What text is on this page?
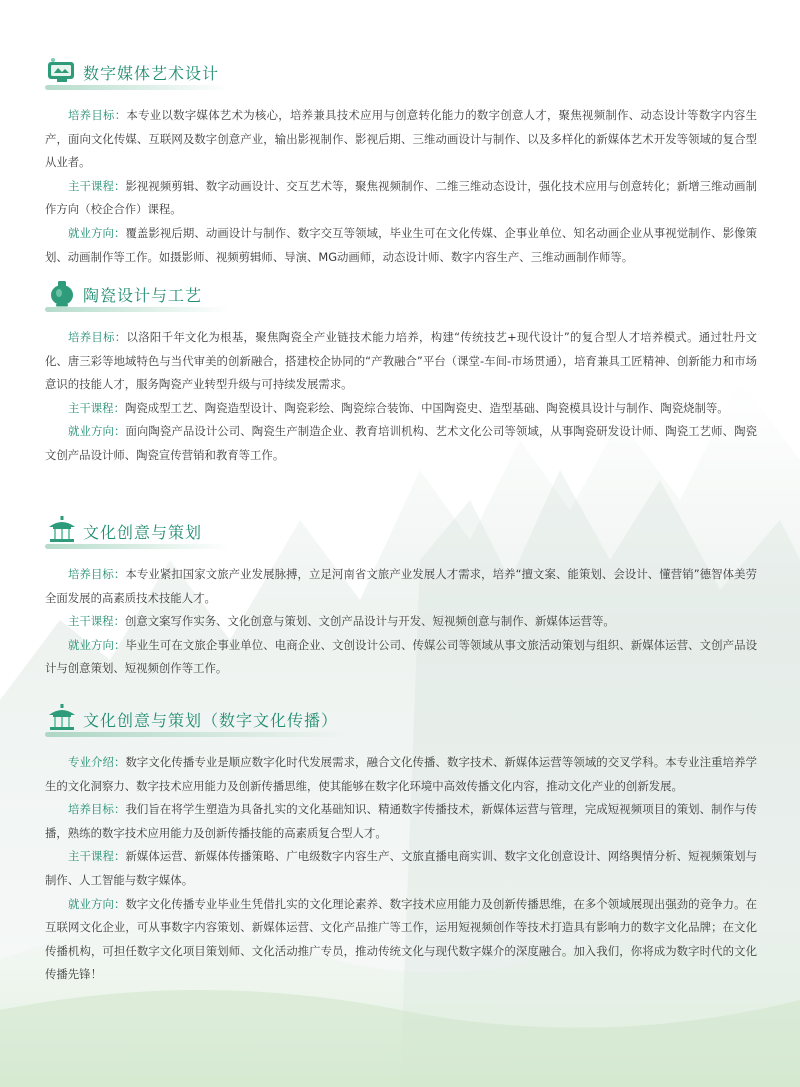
数字媒体艺术设计

培养目标：本专业以数字媒体艺术为核心，培养兼具技术应用与创意转化能力的数字创意人才，聚焦视频制作、动态设计等数字内容生产，面向文化传媒、互联网及数字创意产业，输出影视制作、影视后期、三维动画设计与制作、以及多样化的新媒体艺术开发等领域的复合型从业者。

主干课程：影视视频剪辑、数字动画设计、交互艺术等，聚焦视频制作、二维三维动态设计，强化技术应用与创意转化；新增三维动画制作方向（校企合作）课程。

就业方向：覆盖影视后期、动画设计与制作、数字交互等领域，毕业生可在文化传媒、企事业单位、知名动画企业从事视觉制作、影像策划、动画制作等工作。如摄影师、视频剪辑师、导演、MG动画师，动态设计师、数字内容生产、三维动画制作师等。

陶瓷设计与工艺

培养目标：以洛阳千年文化为根基，聚焦陶瓷全产业链技术能力培养，构建“传统技艺+现代设计”的复合型人才培养模式。通过牡丹文化、唐三彩等地域特色与当代审美的创新融合，搭建校企协同的“产教融合”平台（课堂-车间-市场贯通），培育兼具工匠精神、创新能力和市场意识的技能人才，服务陶瓷产业转型升级与可持续发展需求。

主干课程：陶瓷成型工艺、陶瓷造型设计、陶瓷彩绘、陶瓷综合装饰、中国陶瓷史、造型基础、陶瓷模具设计与制作、陶瓷烧制等。

就业方向：面向陶瓷产品设计公司、陶瓷生产制造企业、教育培训机构、艺术文化公司等领域，从事陶瓷研发设计师、陶瓷工艺师、陶瓷文创产品设计师、陶瓷宣传营销和教育等工作。

文化创意与策划

培养目标：本专业紧扣国家文旅产业发展脉搏，立足河南省文旅产业发展人才需求，培养“擅文案、能策划、会设计、懂营销”德智体美劳全面发展的高素质技术技能人才。

主干课程：创意文案写作实务、文化创意与策划、文创产品设计与开发、短视频创意与制作、新媒体运营等。

就业方向：毕业生可在文旅企事业单位、电商企业、文创设计公司、传媒公司等领域从事文旅活动策划与组织、新媒体运营、文创产品设计与创意策划、短视频创作等工作。

文化创意与策划（数字文化传播）

专业介绍：数字文化传播专业是顺应数字化时代发展需求，融合文化传播、数字技术、新媒体运营等领域的交叉学科。本专业注重培养学生的文化洞察力、数字技术应用能力及创新传播思维，使其能够在数字化环境中高效传播文化内容，推动文化产业的创新发展。

培养目标：我们旨在将学生塑造为具备扎实的文化基础知识、精通数字传播技术，新媒体运营与管理，完成短视频项目的策划、制作与传播，熟练的数字技术应用能力及创新传播技能的高素质复合型人才。

主干课程：新媒体运营、新媒体传播策略、广电级数字内容生产、文旅直播电商实训、数字文化创意设计、网络舆情分析、短视频策划与制作、人工智能与数字媒体。

就业方向：数字文化传播专业毕业生凭借扎实的文化理论素养、数字技术应用能力及创新传播思维，在多个领域展现出强劲的竞争力。在互联网文化企业，可从事数字内容策划、新媒体运营、文化产品推广等工作，运用短视频创作等技术打造具有影响力的数字文化品牌；在文化传播机构，可担任数字文化项目策划师、文化活动推广专员，推动传统文化与现代数字媒介的深度融合。加入我们，你将成为数字时代的文化传播先锋！
